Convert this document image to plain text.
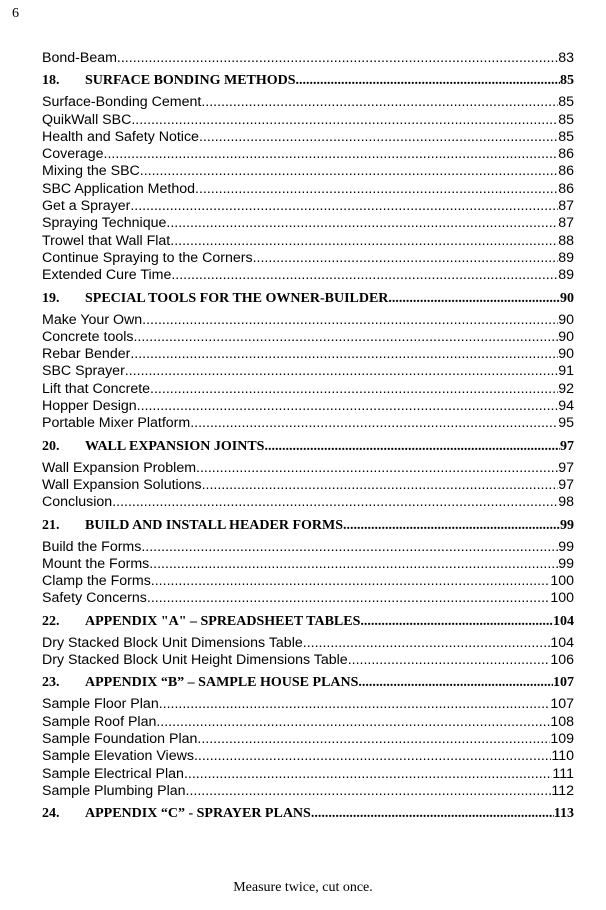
6
Bond-Beam .....	83
18.	SURFACE BONDING METHODS .....	85
Surface-Bonding Cement .....	85
QuikWall SBC .....	85
Health and Safety Notice .....	85
Coverage .....	86
Mixing the SBC .....	86
SBC Application Method .....	86
Get a Sprayer .....	87
Spraying Technique .....	87
Trowel that Wall Flat .....	88
Continue Spraying to the Corners .....	89
Extended Cure Time .....	89
19.	SPECIAL TOOLS FOR THE OWNER-BUILDER .....	90
Make Your Own .....	90
Concrete tools .....	90
Rebar Bender .....	90
SBC Sprayer .....	91
Lift that Concrete .....	92
Hopper Design .....	94
Portable Mixer Platform .....	95
20.	WALL EXPANSION JOINTS .....	97
Wall Expansion Problem .....	97
Wall Expansion Solutions .....	97
Conclusion .....	98
21.	BUILD AND INSTALL HEADER FORMS .....	99
Build the Forms .....	99
Mount the Forms .....	99
Clamp the Forms .....	100
Safety Concerns .....	100
22.	APPENDIX "A" – SPREADSHEET TABLES .....	104
Dry Stacked Block Unit Dimensions Table. .....	104
Dry Stacked Block Unit Height Dimensions Table .....	106
23.	APPENDIX “B” – SAMPLE HOUSE PLANS .....	107
Sample Floor Plan .....	107
Sample Roof Plan .....	108
Sample Foundation Plan .....	109
Sample Elevation Views .....	110
Sample Electrical Plan .....	111
Sample Plumbing Plan .....	112
24.	APPENDIX “C” - SPRAYER PLANS .....	113
Measure twice, cut once.
